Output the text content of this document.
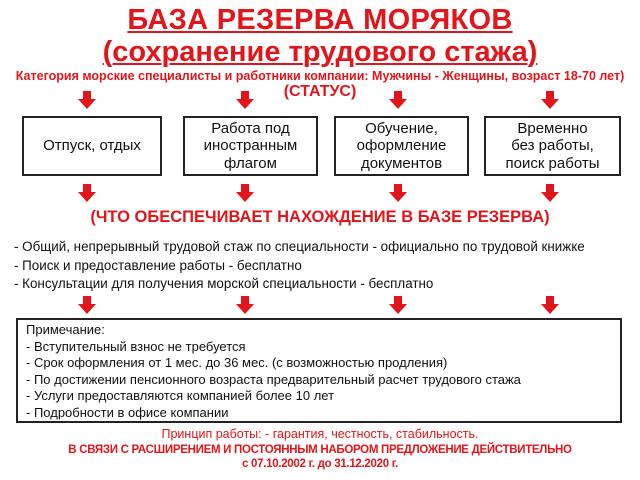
БАЗА РЕЗЕРВА МОРЯКОВ
(сохранение трудового стажа)
Категория морские специалисты и работники компании: Мужчины - Женщины, возраст 18-70 лет)
(СТАТУС)
Отпуск, отдых
Работа под
иностранным
флагом
Обучение,
оформление
документов
Временно
без работы,
поиск работы
(ЧТО ОБЕСПЕЧИВАЕТ НАХОЖДЕНИЕ В БАЗЕ РЕЗЕРВА)
- Общий, непрерывный трудовой стаж по специальности - официально по трудовой книжке
- Поиск и предоставление работы - бесплатно
- Консультации для получения морской специальности - бесплатно
Примечание:
- Вступительный взнос не требуется
- Срок оформления от 1 мес. до 36 мес. (с возможностью продления)
- По достижении пенсионного возраста предварительный расчет трудового стажа
- Услуги предоставляются компанией более 10 лет
- Подробности в офисе компании
Принцип работы: - гарантия, честность, стабильность.
В СВЯЗИ С РАСШИРЕНИЕМ И ПОСТОЯННЫМ НАБОРОМ ПРЕДЛОЖЕНИЕ ДЕЙСТВИТЕЛЬНО
с 07.10.2002 г. до 31.12.2020 г.
